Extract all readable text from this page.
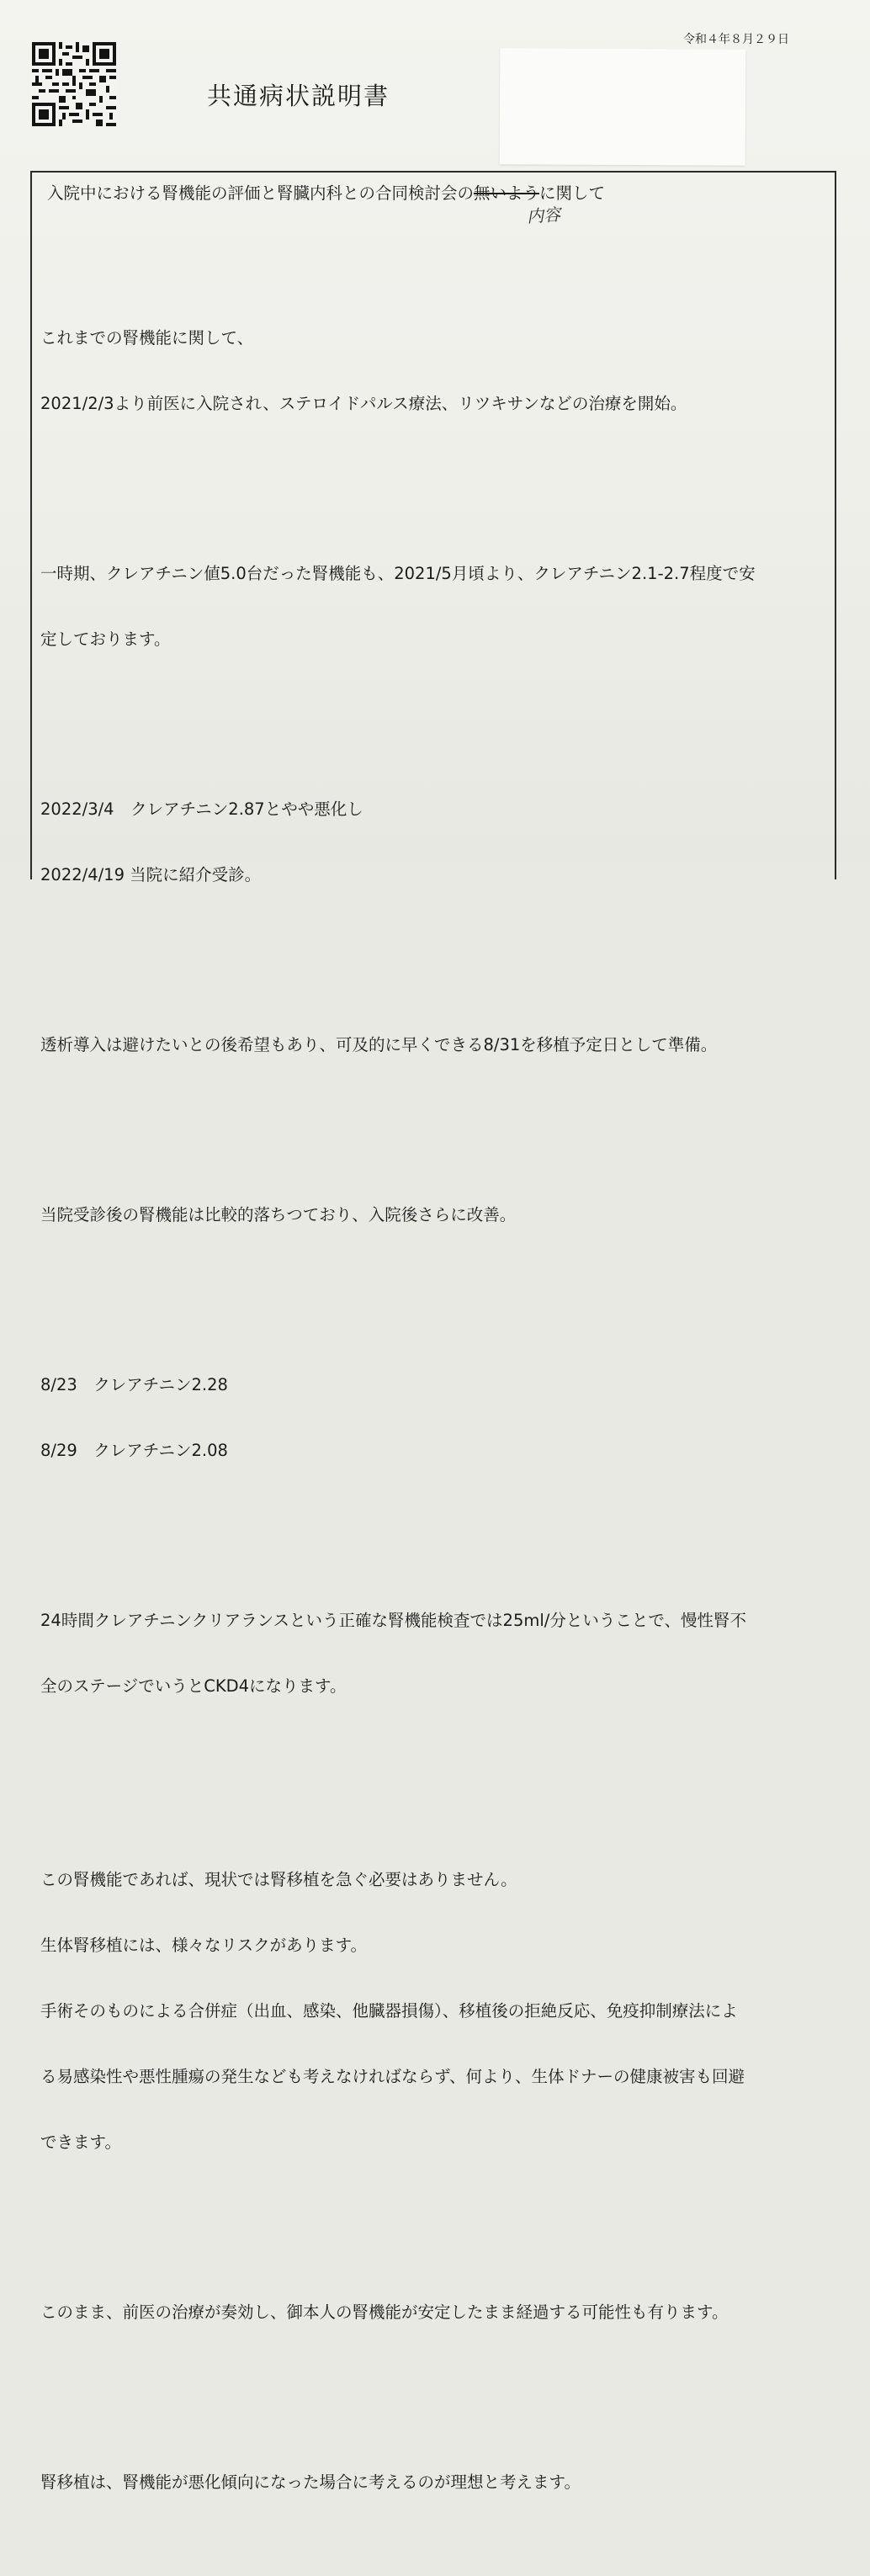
令和４年８月２９日
共通病状説明書
入院中における腎機能の評価と腎臓内科との合同検討会の無いように関して
内容

これまでの腎機能に関して、

2021/2/3より前医に入院され、ステロイドパルス療法、リツキサンなどの治療を開始。

一時期、クレアチニン値5.0台だった腎機能も、2021/5月頃より、クレアチニン2.1-2.7程度で安

定しております。

2022/3/4　クレアチニン2.87とやや悪化し

2022/4/19 当院に紹介受診。

透析導入は避けたいとの後希望もあり、可及的に早くできる8/31を移植予定日として準備。

当院受診後の腎機能は比較的落ちつており、入院後さらに改善。

8/23　クレアチニン2.28

8/29　クレアチニン2.08

24時間クレアチニンクリアランスという正確な腎機能検査では25ml/分ということで、慢性腎不

全のステージでいうとCKD4になります。

この腎機能であれば、現状では腎移植を急ぐ必要はありません。

生体腎移植には、様々なリスクがあります。

手術そのものによる合併症（出血、感染、他臓器損傷）、移植後の拒絶反応、免疫抑制療法によ

る易感染性や悪性腫瘍の発生なども考えなければならず、何より、生体ドナーの健康被害も回避

できます。

このまま、前医の治療が奏効し、御本人の腎機能が安定したまま経過する可能性も有ります。

腎移植は、腎機能が悪化傾向になった場合に考えるのが理想と考えます。
